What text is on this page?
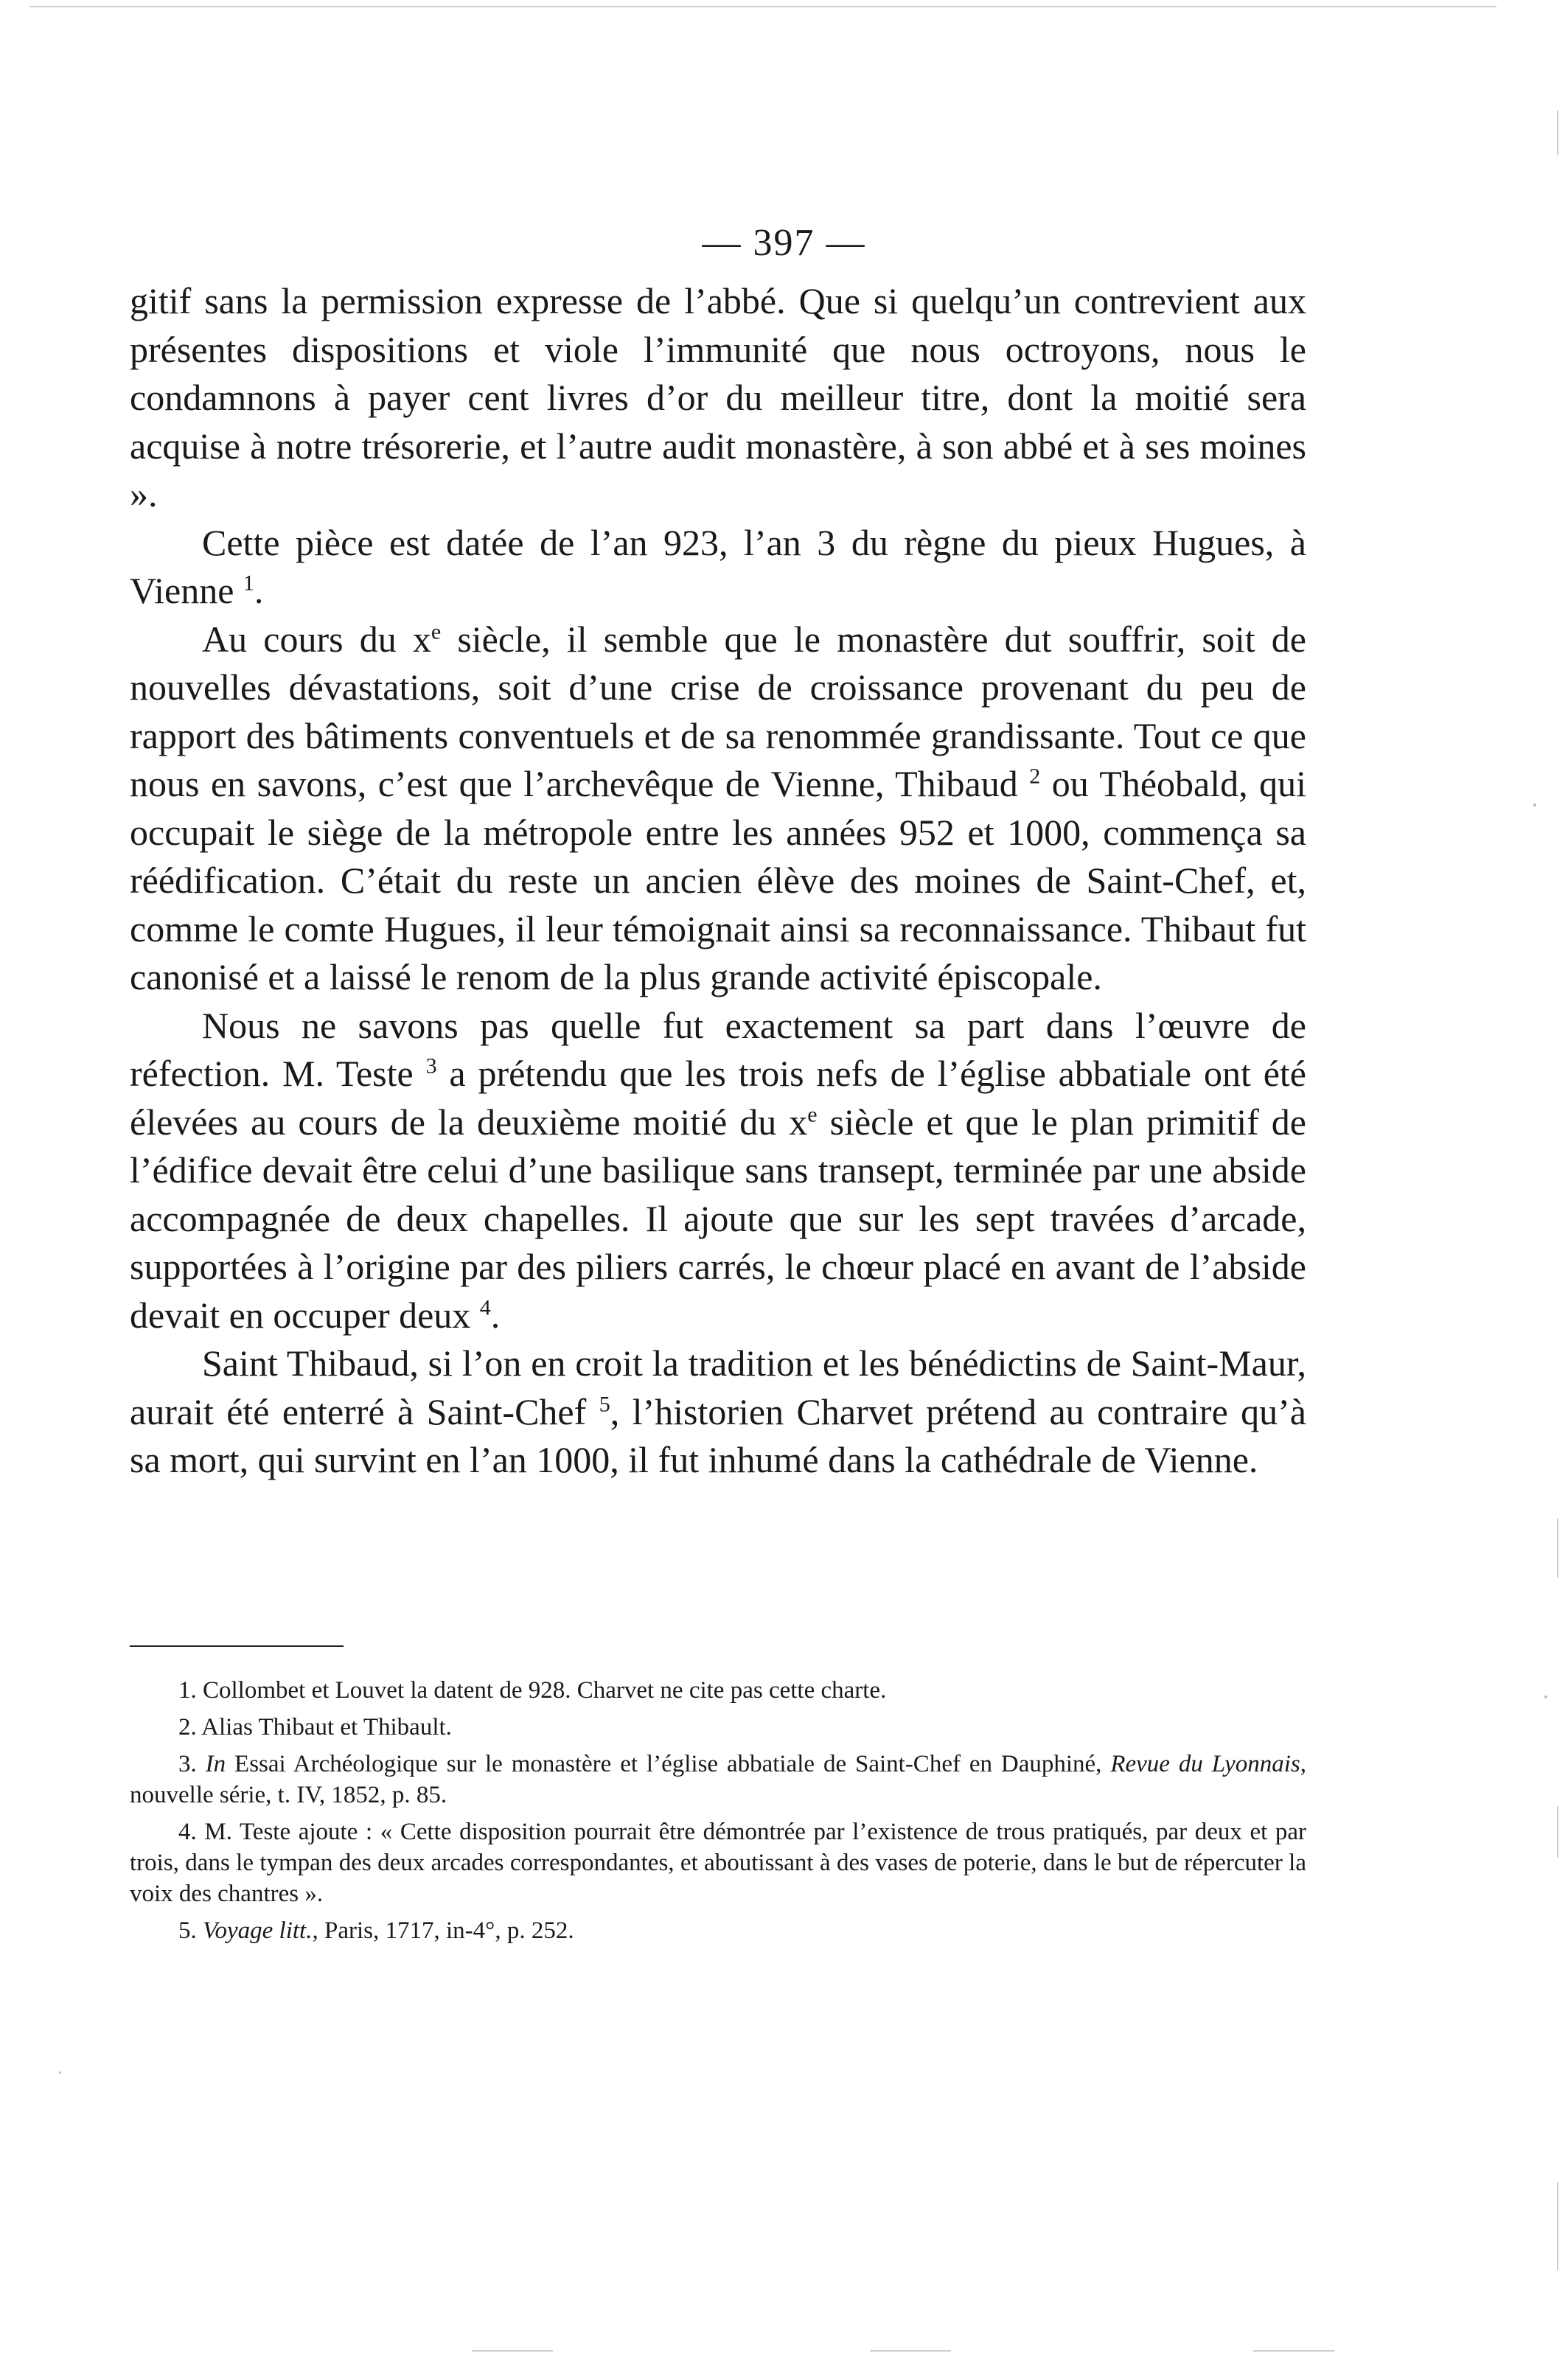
— 397 —

gitif sans la permission expresse de l’abbé. Que si quelqu’un contrevient aux présentes dispositions et viole l’immunité que nous octroyons, nous le condamnons à payer cent livres d’or du meilleur titre, dont la moitié sera acquise à notre trésorerie, et l’autre audit monastère, à son abbé et à ses moines ».

Cette pièce est datée de l’an 923, l’an 3 du règne du pieux Hugues, à Vienne $^1$.

Au cours du $x^e$ siècle, il semble que le monastère dut souffrir, soit de nouvelles dévastations, soit d’une crise de croissance provenant du peu de rapport des bâtiments conventuels et de sa renommée grandissante. Tout ce que nous en savons, c’est que l’archevêque de Vienne, Thibaud $^2$ ou Théobald, qui occupait le siège de la métropole entre les années 952 et 1000, commença sa réédification. C’était du reste un ancien élève des moines de Saint-Chef, et, comme le comte Hugues, il leur témoignait ainsi sa reconnaissance. Thibaut fut canonisé et a laissé le renom de la plus grande activité épiscopale.

Nous ne savons pas quelle fut exactement sa part dans l’œuvre de réfection. M. Teste $^3$ a prétendu que les trois nefs de l’église abbatiale ont été élevées au cours de la deuxième moitié du $x^e$ siècle et que le plan primitif de l’édifice devait être celui d’une basilique sans transept, terminée par une abside accompagnée de deux chapelles. Il ajoute que sur les sept travées d’arcade, supportées à l’origine par des piliers carrés, le chœur placé en avant de l’abside devait en occuper deux $^4$.

Saint Thibaud, si l’on en croit la tradition et les bénédictins de Saint-Maur, aurait été enterré à Saint-Chef $^5$, l’historien Charvet prétend au contraire qu’à sa mort, qui survint en l’an 1000, il fut inhumé dans la cathédrale de Vienne.

1. Collombet et Louvet la datent de 928. Charvet ne cite pas cette charte.

2. Alias Thibaut et Thibault.

3. In Essai Archéologique sur le monastère et l’église abbatiale de Saint-Chef en Dauphiné, Revue du Lyonnais, nouvelle série, t. IV, 1852, p. 85.

4. M. Teste ajoute : « Cette disposition pourrait être démontrée par l’existence de trous pratiqués, par deux et par trois, dans le tympan des deux arcades correspondantes, et aboutissant à des vases de poterie, dans le but de répercuter la voix des chantres ».

5. Voyage litt., Paris, 1717, in-4°, p. 252.
